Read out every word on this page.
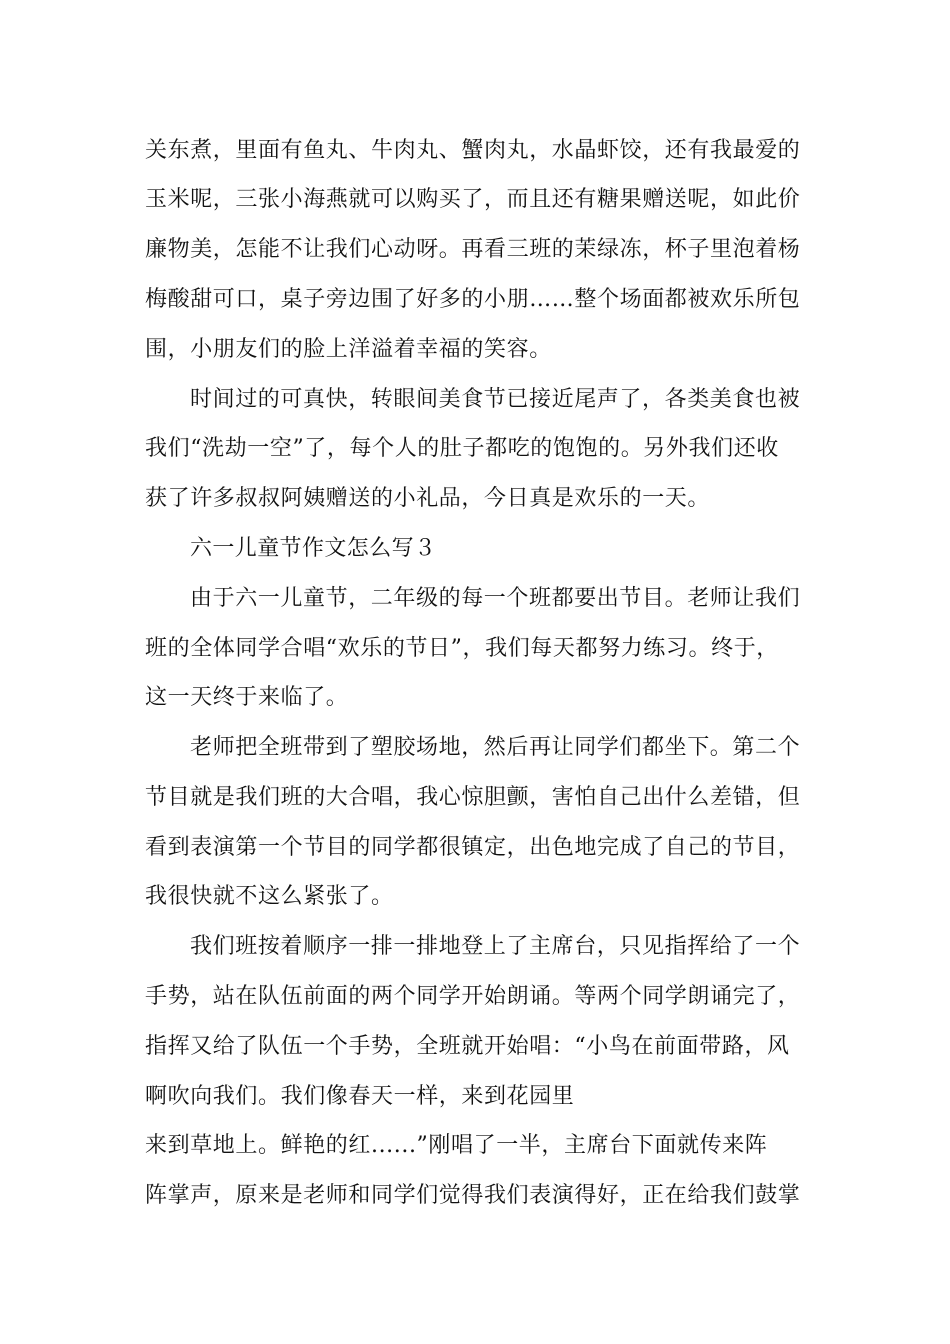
关东煮，里面有鱼丸、牛肉丸、蟹肉丸，水晶虾饺，还有我最爱的
玉米呢，三张小海燕就可以购买了，而且还有糖果赠送呢，如此价
廉物美，怎能不让我们心动呀。再看三班的茉绿冻，杯子里泡着杨
梅酸甜可口，桌子旁边围了好多的小朋……整个场面都被欢乐所包
围，小朋友们的脸上洋溢着幸福的笑容。
时间过的可真快，转眼间美食节已接近尾声了，各类美食也被
我们“洗劫一空”了，每个人的肚子都吃的饱饱的。另外我们还收
获了许多叔叔阿姨赠送的小礼品，今日真是欢乐的一天。
六一儿童节作文怎么写３
由于六一儿童节，二年级的每一个班都要出节目。老师让我们
班的全体同学合唱“欢乐的节日”，我们每天都努力练习。终于，
这一天终于来临了。
老师把全班带到了塑胶场地，然后再让同学们都坐下。第二个
节目就是我们班的大合唱，我心惊胆颤，害怕自己出什么差错，但
看到表演第一个节目的同学都很镇定，出色地完成了自己的节目，
我很快就不这么紧张了。
我们班按着顺序一排一排地登上了主席台，只见指挥给了一个
手势，站在队伍前面的两个同学开始朗诵。等两个同学朗诵完了，
指挥又给了队伍一个手势，全班就开始唱：“小鸟在前面带路，风
啊吹向我们。我们像春天一样，来到花园里
来到草地上。鲜艳的红......”刚唱了一半，主席台下面就传来阵
阵掌声，原来是老师和同学们觉得我们表演得好，正在给我们鼓掌
